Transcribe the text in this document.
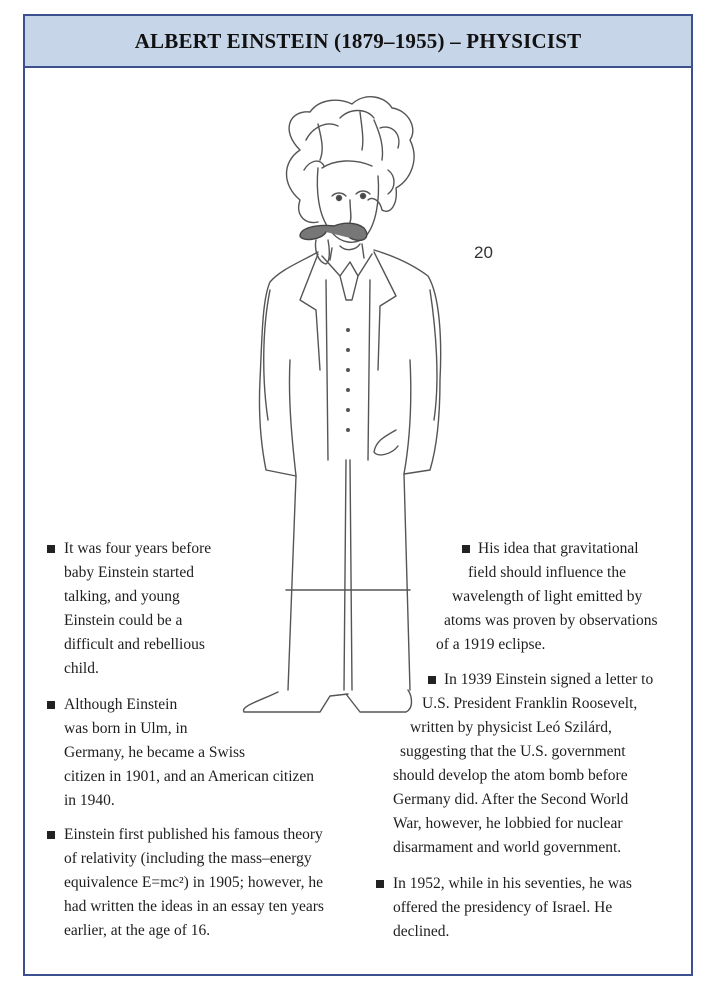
ALBERT EINSTEIN (1879–1955) – PHYSICIST
20
It was four years before
baby Einstein started
talking, and young
Einstein could be a
difficult and rebellious
child.
Although Einstein
was born in Ulm, in
Germany, he became a Swiss
citizen in 1901, and an American citizen
in 1940.
Einstein first published his famous theory
of relativity (including the mass–energy
equivalence E=mc²) in 1905; however, he
had written the ideas in an essay ten years
earlier, at the age of 16.
His idea that gravitational
field should influence the
wavelength of light emitted by
atoms was proven by observations
of a 1919 eclipse.
In 1939 Einstein signed a letter to
U.S. President Franklin Roosevelt,
written by physicist Leó Szilárd,
suggesting that the U.S. government
should develop the atom bomb before
Germany did. After the Second World
War, however, he lobbied for nuclear
disarmament and world government.
In 1952, while in his seventies, he was
offered the presidency of Israel. He
declined.
